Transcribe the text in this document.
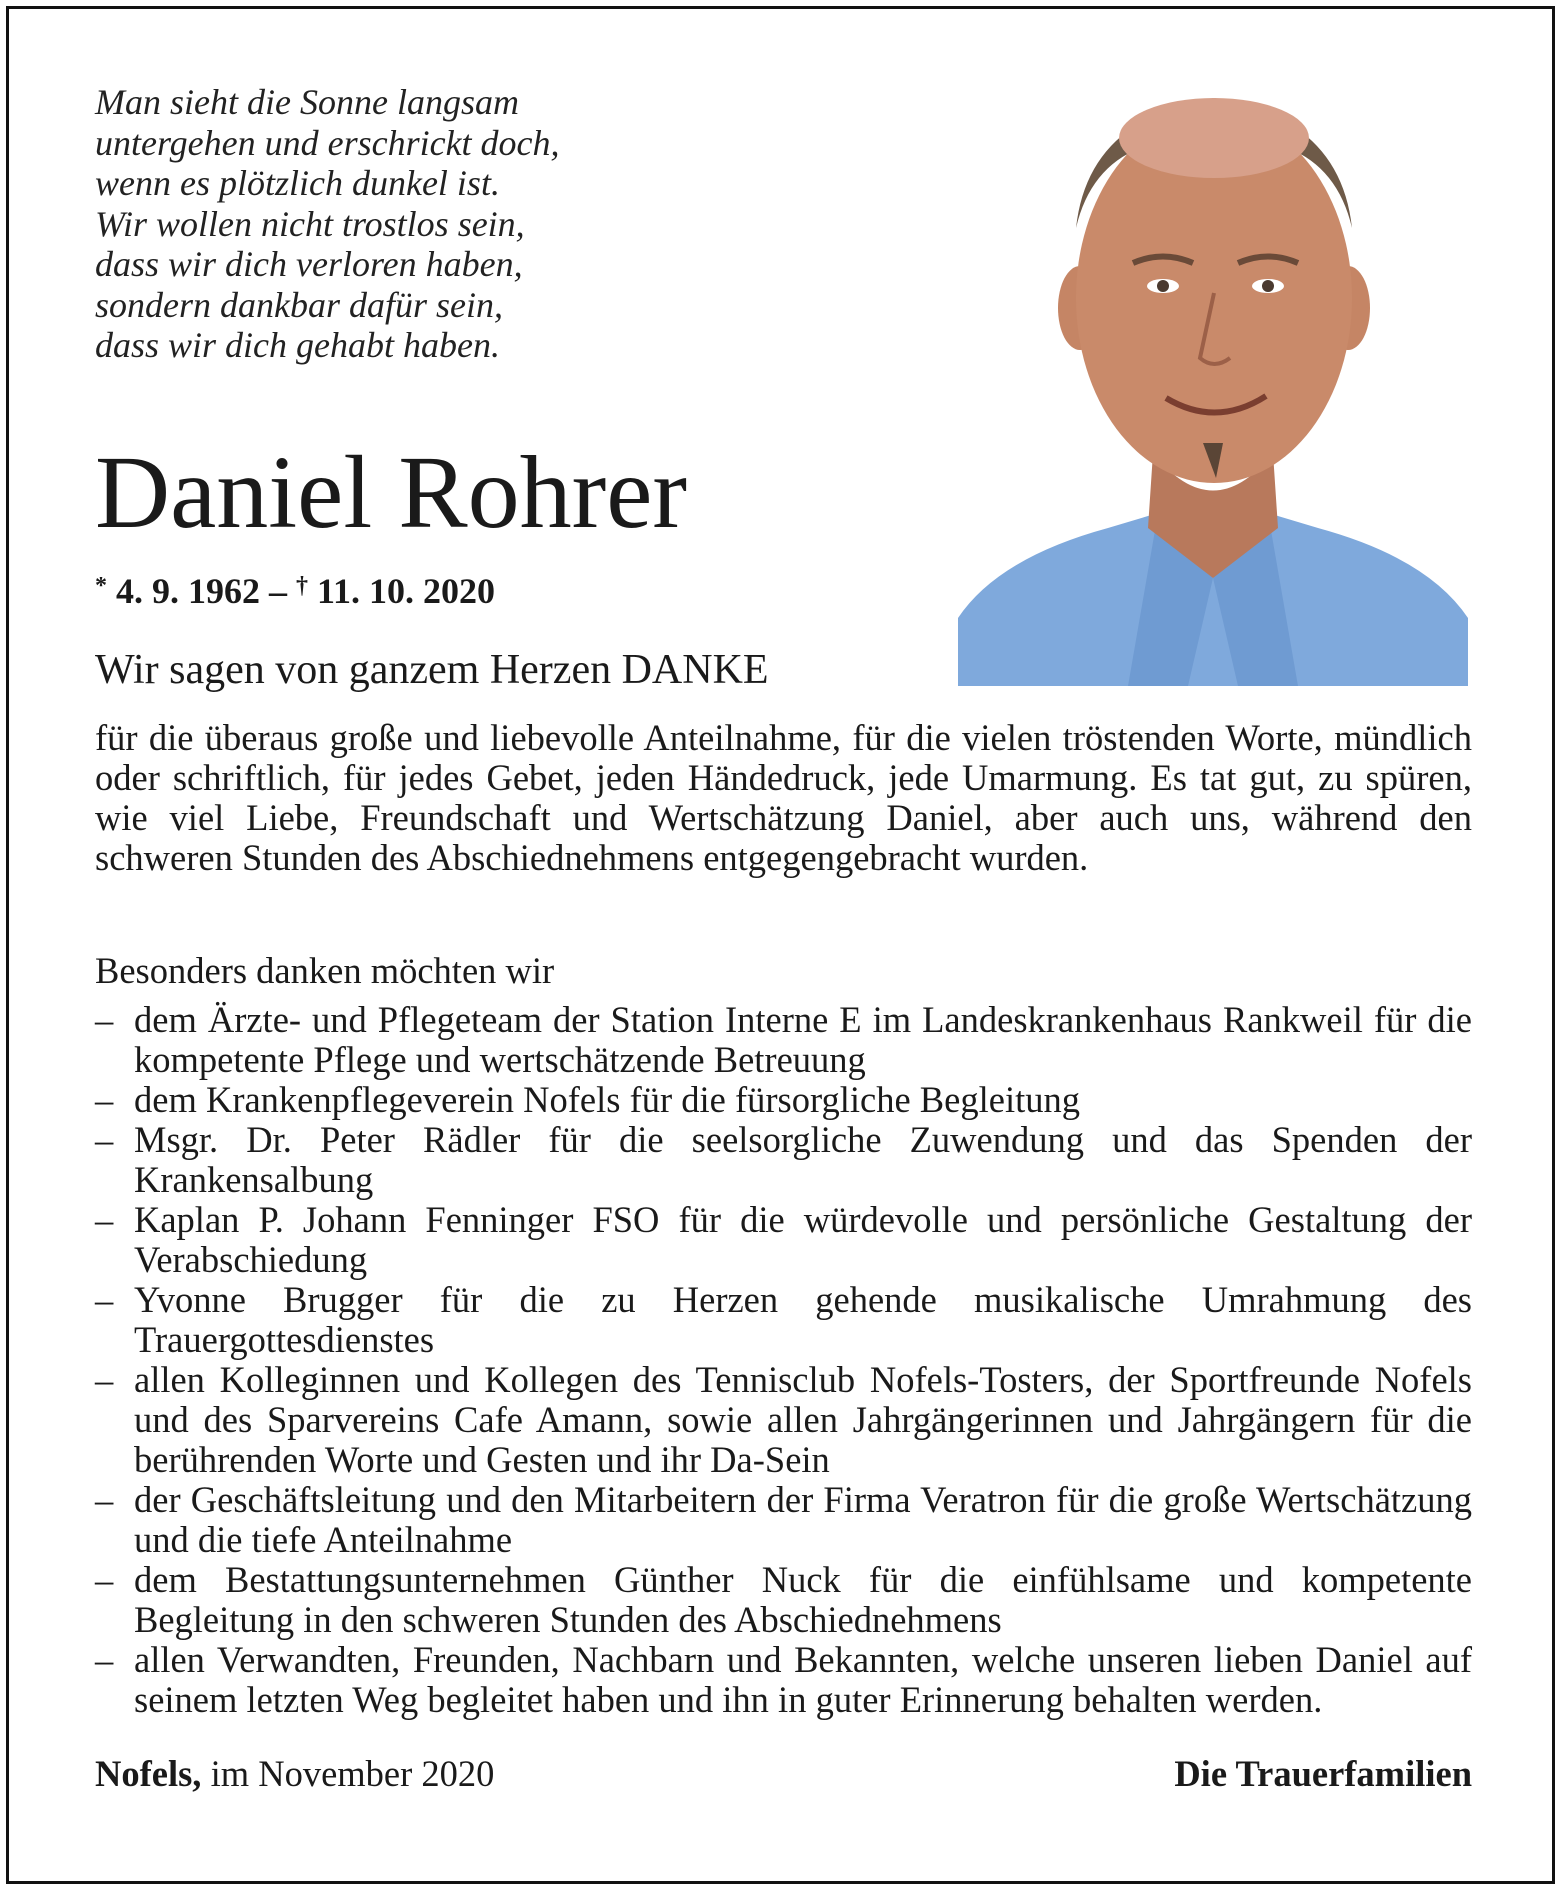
Man sieht die Sonne langsam
untergehen und erschrickt doch,
wenn es plötzlich dunkel ist.
Wir wollen nicht trostlos sein,
dass wir dich verloren haben,
sondern dankbar dafür sein,
dass wir dich gehabt haben.
Daniel Rohrer
* 4. 9. 1962 – † 11. 10. 2020
Wir sagen von ganzem Herzen DANKE

für die überaus große und liebevolle Anteilnahme, für die vielen tröstenden Worte, mündlich oder schriftlich, für jedes Gebet, jeden Händedruck, jede Umarmung. Es tat gut, zu spüren, wie viel Liebe, Freundschaft und Wertschätzung Daniel, aber auch uns, während den schweren Stunden des Abschiednehmens entgegengebracht wurden.

Besonders danken möchten wir
– dem Ärzte- und Pflegeteam der Station Interne E im Landeskrankenhaus Rankweil für die kompetente Pflege und wertschätzende Betreuung
– dem Krankenpflegeverein Nofels für die fürsorgliche Begleitung
– Msgr. Dr. Peter Rädler für die seelsorgliche Zuwendung und das Spenden der Krankensalbung
– Kaplan P. Johann Fenninger FSO für die würdevolle und persönliche Gestaltung der Verabschiedung
– Yvonne Brugger für die zu Herzen gehende musikalische Umrahmung des Trauergottesdienstes
– allen Kolleginnen und Kollegen des Tennisclub Nofels-Tosters, der Sportfreunde Nofels und des Sparvereins Cafe Amann, sowie allen Jahrgängerinnen und Jahrgängern für die berührenden Worte und Gesten und ihr Da-Sein
– der Geschäftsleitung und den Mitarbeitern der Firma Veratron für die große Wertschätzung und die tiefe Anteilnahme
– dem Bestattungsunternehmen Günther Nuck für die einfühlsame und kompetente Begleitung in den schweren Stunden des Abschiednehmens
– allen Verwandten, Freunden, Nachbarn und Bekannten, welche unseren lieben Daniel auf seinem letzten Weg begleitet haben und ihn in guter Erinnerung behalten werden.
Nofels, im November 2020	Die Trauerfamilien
